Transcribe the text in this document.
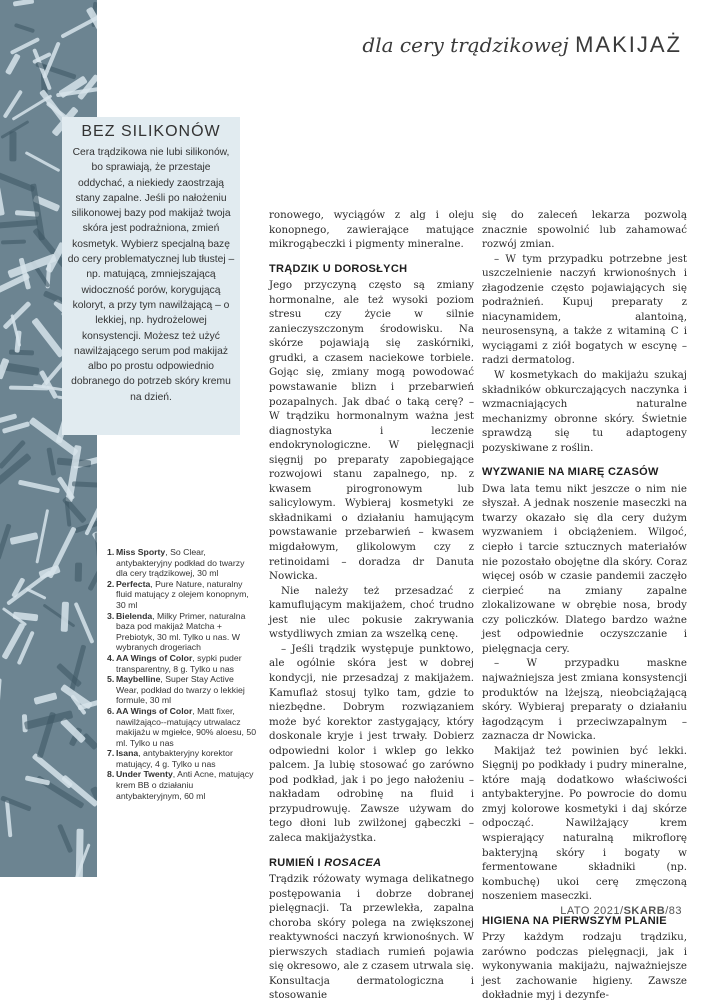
dla cery trądzikowej MAKIJAŻ
BEZ SILIKONÓW
Cera trądzikowa nie lubi silikonów, bo sprawiają, że przestaje oddychać, a niekiedy zaostrzają stany zapalne. Jeśli po nałożeniu silikonowej bazy pod makijaż twoja skóra jest podrażniona, zmień kosmetyk. Wybierz specjalną bazę do cery problematycznej lub tłustej – np. matującą, zmniejszającą widoczność porów, korygującą koloryt, a przy tym nawilżającą – o lekkiej, np. hydrożelowej konsystencji. Możesz też użyć nawilżającego serum pod makijaż albo po prostu odpowiednio dobranego do potrzeb skóry kremu na dzień.
1. Miss Sporty, So Clear, antybakteryjny podkład do twarzy dla cery trądzikowej, 30 ml
2. Perfecta, Pure Nature, naturalny fluid matujący z olejem konopnym, 30 ml
3. Bielenda, Milky Primer, naturalna baza pod makijaż Matcha + Prebiotyk, 30 ml. Tylko u nas. W wybranych drogeriach
4. AA Wings of Color, sypki puder transparentny, 8 g. Tylko u nas
5. Maybelline, Super Stay Active Wear, podkład do twarzy o lekkiej formule, 30 ml
6. AA Wings of Color, Matt fixer, nawilżająco--matujący utrwalacz makijażu w mgiełce, 90% aloesu, 50 ml. Tylko u nas
7. Isana, antybakteryjny korektor matujący, 4 g. Tylko u nas
8. Under Twenty, Anti Acne, matujący krem BB o działaniu antybakteryjnym, 60 ml

ronowego, wyciągów z alg i oleju konopnego, zawierające matujące mikrogąbeczki i pigmenty mineralne.

TRĄDZIK U DOROSŁYCH

Jego przyczyną często są zmiany hormonalne, ale też wysoki poziom stresu czy życie w silnie zanieczyszczonym środowisku. Na skórze pojawiają się zaskórniki, grudki, a czasem naciekowe torbiele. Gojąc się, zmiany mogą powodować powstawanie blizn i przebarwień pozapalnych. Jak dbać o taką cerę? – W trądziku hormonalnym ważna jest diagnostyka i leczenie endokrynologiczne. W pielęgnacji sięgnij po preparaty zapobiegające rozwojowi stanu zapalnego, np. z kwasem pirogronowym lub salicylowym. Wybieraj kosmetyki ze składnikami o działaniu hamującym powstawanie przebarwień – kwasem migdałowym, glikolowym czy z retinoidami – doradza dr Danuta Nowicka.

Nie należy też przesadzać z kamuflującym makijażem, choć trudno jest nie ulec pokusie zakrywania wstydliwych zmian za wszelką cenę.

– Jeśli trądzik występuje punktowo, ale ogólnie skóra jest w dobrej kondycji, nie przesadzaj z makijażem. Kamuflaż stosuj tylko tam, gdzie to niezbędne. Dobrym rozwiązaniem może być korektor zastygający, który doskonale kryje i jest trwały. Dobierz odpowiedni kolor i wklep go lekko palcem. Ja lubię stosować go zarówno pod podkład, jak i po jego nałożeniu – nakładam odrobinę na fluid i przypudrowuję. Zawsze używam do tego dłoni lub zwilżonej gąbeczki – zaleca makijażystka.

RUMIEŃ I ROSACEA

Trądzik różowaty wymaga delikatnego postępowania i dobrze dobranej pielęgnacji. Ta przewlekła, zapalna choroba skóry polega na zwiększonej reaktywności naczyń krwionośnych. W pierwszych stadiach rumień pojawia się okresowo, ale z czasem utrwala się. Konsultacja dermatologiczna i stosowanie

się do zaleceń lekarza pozwolą znacznie spowolnić lub zahamować rozwój zmian.

– W tym przypadku potrzebne jest uszczelnienie naczyń krwionośnych i złagodzenie często pojawiających się podrażnień. Kupuj preparaty z niacynamidem, alantoiną, neurosensyną, a także z witaminą C i wyciągami z ziół bogatych w escynę – radzi dermatolog.

W kosmetykach do makijażu szukaj składników obkurczających naczynka i wzmacniających naturalne mechanizmy obronne skóry. Świetnie sprawdzą się tu adaptogeny pozyskiwane z roślin.

WYZWANIE NA MIARĘ CZASÓW

Dwa lata temu nikt jeszcze o nim nie słyszał. A jednak noszenie maseczki na twarzy okazało się dla cery dużym wyzwaniem i obciążeniem. Wilgoć, ciepło i tarcie sztucznych materiałów nie pozostało obojętne dla skóry. Coraz więcej osób w czasie pandemii zaczęło cierpieć na zmiany zapalne zlokalizowane w obrębie nosa, brody czy policzków. Dlatego bardzo ważne jest odpowiednie oczyszczanie i pielęgnacja cery.

– W przypadku maskne najważniejsza jest zmiana konsystencji produktów na lżejszą, nieobciążającą skóry. Wybieraj preparaty o działaniu łagodzącym i przeciwzapalnym – zaznacza dr Nowicka.

Makijaż też powinien być lekki. Sięgnij po podkłady i pudry mineralne, które mają dodatkowo właściwości antybakteryjne. Po powrocie do domu zmyj kolorowe kosmetyki i daj skórze odpocząć. Nawilżający krem wspierający naturalną mikroflorę bakteryjną skóry i bogaty w fermentowane składniki (np. kombuchę) ukoi cerę zmęczoną noszeniem maseczki.

HIGIENA NA PIERWSZYM PLANIE

Przy każdym rodzaju trądziku, zarówno podczas pielęgnacji, jak i wykonywania makijażu, najważniejsze jest zachowanie higieny. Zawsze dokładnie myj i dezynfe-

LATO 2021/SKARB/83
